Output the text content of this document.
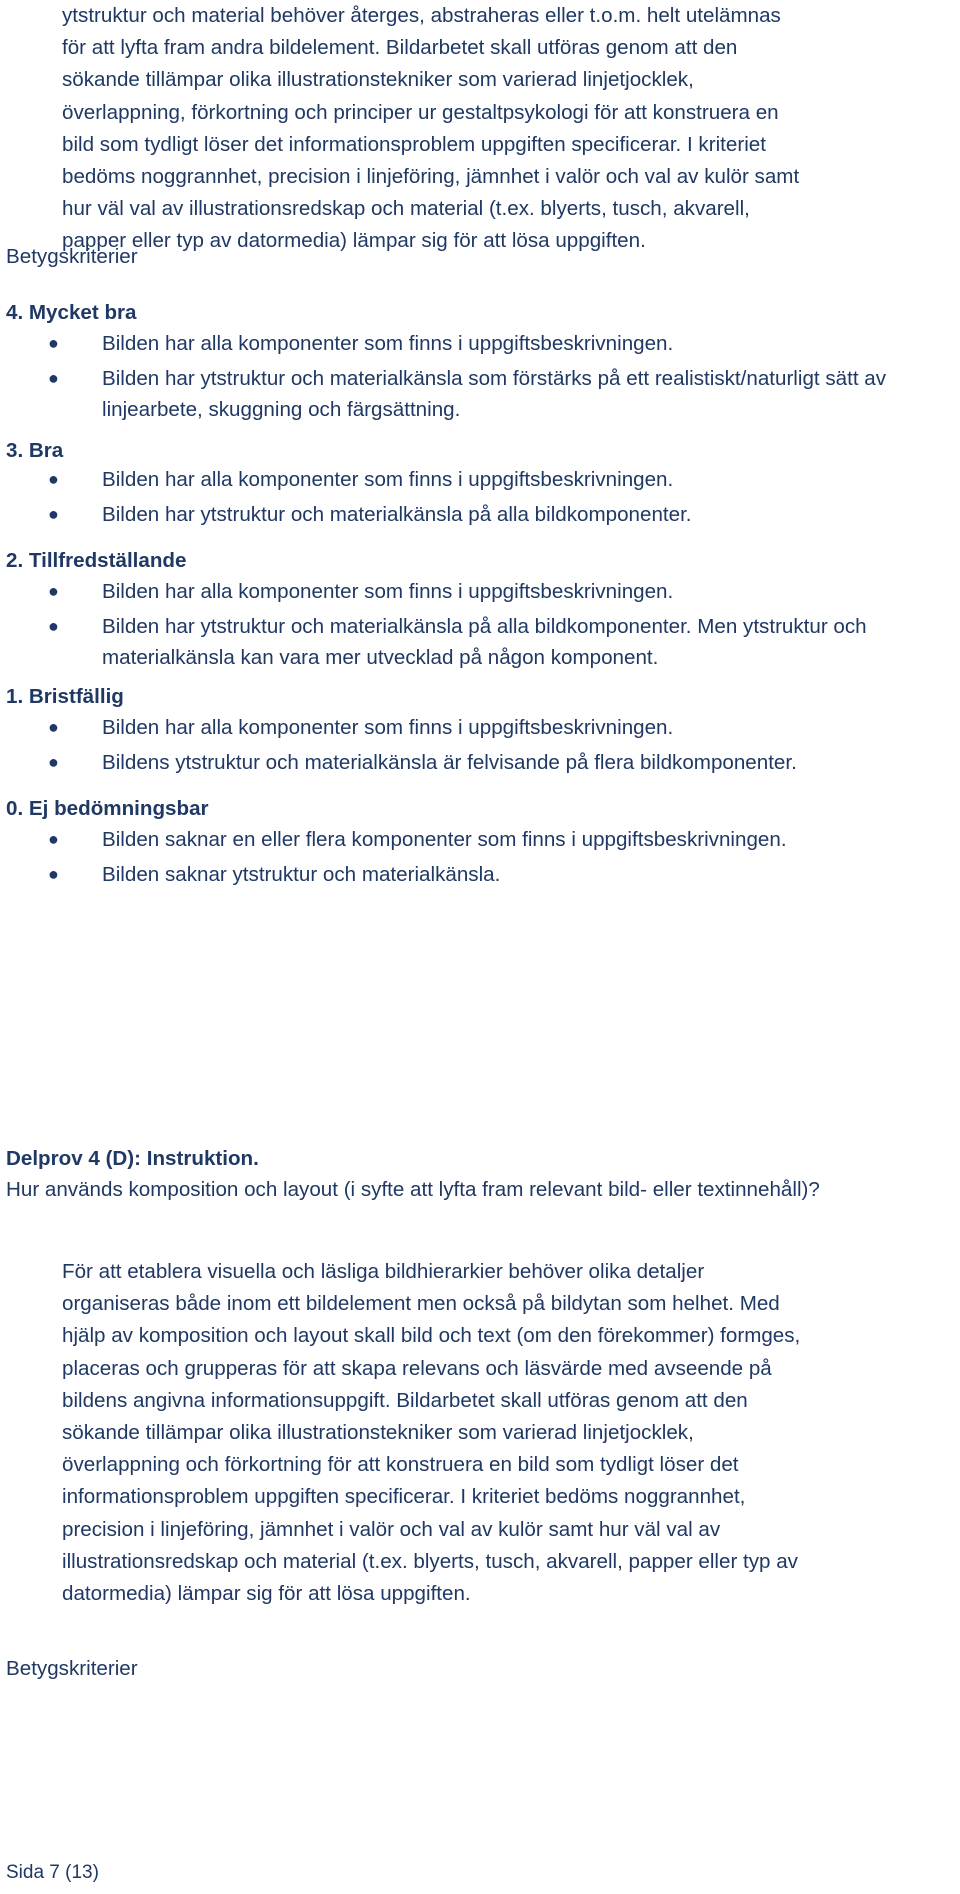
ytstruktur och material behöver återges, abstraheras eller t.o.m. helt utelämnas
för att lyfta fram andra bildelement. Bildarbetet skall utföras genom att den
sökande tillämpar olika illustrationstekniker som varierad linjetjocklek,
överlappning, förkortning och principer ur gestaltpsykologi för att konstruera en
bild som tydligt löser det informationsproblem uppgiften specificerar. I kriteriet
bedöms noggrannhet, precision i linjeföring, jämnhet i valör och val av kulör samt
hur väl val av illustrationsredskap och material (t.ex. blyerts, tusch, akvarell,
papper eller typ av datormedia) lämpar sig för att lösa uppgiften.
Betygskriterier
4. Mycket bra
● Bilden har alla komponenter som finns i uppgiftsbeskrivningen.
● Bilden har ytstruktur och materialkänsla som förstärks på ett realistiskt/naturligt sätt av linjearbete, skuggning och färgsättning.
3. Bra
● Bilden har alla komponenter som finns i uppgiftsbeskrivningen.
● Bilden har ytstruktur och materialkänsla på alla bildkomponenter.
2. Tillfredställande
● Bilden har alla komponenter som finns i uppgiftsbeskrivningen.
● Bilden har ytstruktur och materialkänsla på alla bildkomponenter. Men ytstruktur och materialkänsla kan vara mer utvecklad på någon komponent.
1. Bristfällig
● Bilden har alla komponenter som finns i uppgiftsbeskrivningen.
● Bildens ytstruktur och materialkänsla är felvisande på flera bildkomponenter.
0. Ej bedömningsbar
● Bilden saknar en eller flera komponenter som finns i uppgiftsbeskrivningen.
● Bilden saknar ytstruktur och materialkänsla.
Delprov 4 (D): Instruktion.
Hur används komposition och layout (i syfte att lyfta fram relevant bild- eller textinnehåll)?
För att etablera visuella och läsliga bildhierarkier behöver olika detaljer
organiseras både inom ett bildelement men också på bildytan som helhet. Med
hjälp av komposition och layout skall bild och text (om den förekommer) formges,
placeras och grupperas för att skapa relevans och läsvärde med avseende på
bildens angivna informationsuppgift. Bildarbetet skall utföras genom att den
sökande tillämpar olika illustrationstekniker som varierad linjetjocklek,
överlappning och förkortning för att konstruera en bild som tydligt löser det
informationsproblem uppgiften specificerar. I kriteriet bedöms noggrannhet,
precision i linjeföring, jämnhet i valör och val av kulör samt hur väl val av
illustrationsredskap och material (t.ex. blyerts, tusch, akvarell, papper eller typ av
datormedia) lämpar sig för att lösa uppgiften.
Betygskriterier
Sida 7 (13)
